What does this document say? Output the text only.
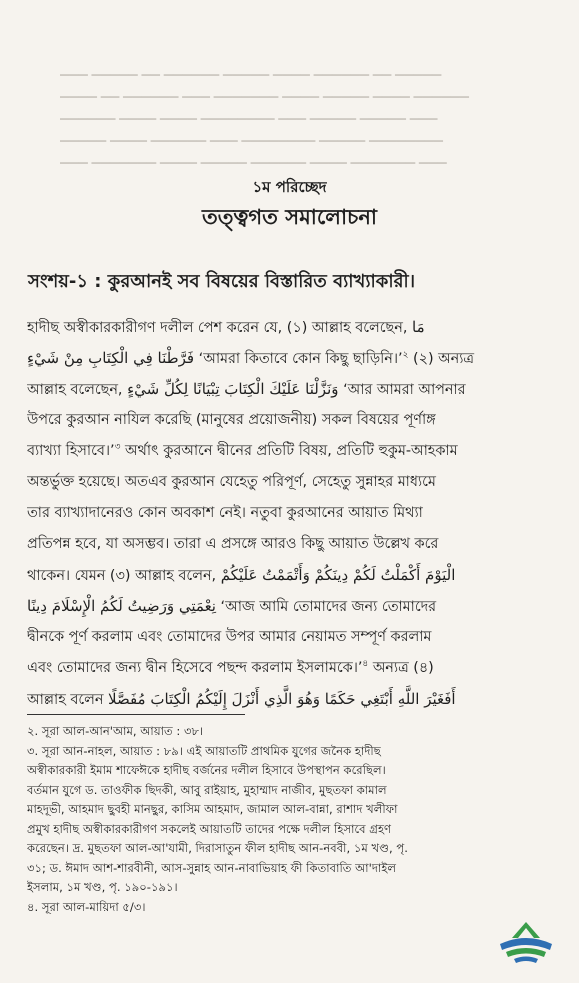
▁▁▁ ▁▁▁▁▁ ▁▁ ▁▁▁▁▁▁ ▁▁▁▁▁ ▁▁▁▁ ▁▁▁▁▁▁ ▁▁ ▁▁▁▁▁
▁▁▁▁ ▁▁ ▁▁▁▁▁▁ ▁▁▁ ▁▁▁▁▁▁▁ ▁▁▁▁ ▁▁▁▁▁ ▁▁▁▁ ▁▁▁▁▁▁
▁▁▁▁▁▁ ▁▁▁▁ ▁▁▁▁ ▁▁▁▁▁▁▁▁ ▁▁▁ ▁▁▁▁▁ ▁▁▁▁▁ ▁▁▁
▁▁▁▁▁ ▁▁▁▁ ▁▁▁▁▁▁ ▁▁▁ ▁▁▁▁▁▁▁▁ ▁▁▁▁▁ ▁▁▁▁▁▁▁▁
▁▁▁ ▁▁▁▁▁▁▁ ▁▁▁▁ ▁▁▁▁▁ ▁▁▁▁▁▁ ▁▁▁▁ ▁▁▁▁▁▁▁ ▁▁▁
১ম পরিচ্ছেদ
তত্ত্বগত সমালোচনা
সংশয়-১ : কুরআনই সব বিষয়ের বিস্তারিত ব্যাখ্যাকারী।
হাদীছ অস্বীকারকারীগণ দলীল পেশ করেন যে, (১) আল্লাহ বলেছেন, مَا
فَرَّطْنَا فِي الْكِتَابِ مِنْ شَيْءٍ ‘আমরা কিতাবে কোন কিছু ছাড়িনি।’$^২$ (২) অন্যত্র
আল্লাহ বলেছেন, وَنَزَّلْنَا عَلَيْكَ الْكِتَابَ تِبْيَانًا لِكُلِّ شَيْءٍ ‘আর আমরা আপনার
উপরে কুরআন নাযিল করেছি (মানুষের প্রয়োজনীয়) সকল বিষয়ের পূর্ণাঙ্গ
ব্যাখ্যা হিসাবে।’$^৩$ অর্থাৎ কুরআনে দ্বীনের প্রতিটি বিষয়, প্রতিটি হুকুম-আহকাম
অন্তর্ভুক্ত হয়েছে। অতএব কুরআন যেহেতু পরিপূর্ণ, সেহেতু সুন্নাহর মাধ্যমে
তার ব্যাখ্যাদানেরও কোন অবকাশ নেই। নতুবা কুরআনের আয়াত মিথ্যা
প্রতিপন্ন হবে, যা অসম্ভব। তারা এ প্রসঙ্গে আরও কিছু আয়াত উল্লেখ করে
থাকেন। যেমন (৩) আল্লাহ বলেন, الْيَوْمَ أَكْمَلْتُ لَكُمْ دِينَكُمْ وَأَتْمَمْتُ عَلَيْكُمْ
نِعْمَتِي وَرَضِيتُ لَكُمُ الْإِسْلَامَ دِينًا ‘আজ আমি তোমাদের জন্য তোমাদের
দ্বীনকে পূর্ণ করলাম এবং তোমাদের উপর আমার নেয়ামত সম্পূর্ণ করলাম
এবং তোমাদের জন্য দ্বীন হিসেবে পছন্দ করলাম ইসলামকে।’$^৪$ অন্যত্র (৪)
আল্লাহ বলেন أَفَغَيْرَ اللَّهِ أَبْتَغِي حَكَمًا وَهُوَ الَّذِي أَنْزَلَ إِلَيْكُمُ الْكِتَابَ مُفَصَّلًا
২. সূরা আল-আন'আম, আয়াত : ৩৮।
৩. সূরা আন-নাহল, আয়াত : ৮৯। এই আয়াতটি প্রাথমিক যুগের জনৈক হাদীছ
অস্বীকারকারী ইমাম শাফেঈকে হাদীছ বর্জনের দলীল হিসাবে উপস্থাপন করেছিল।
বর্তমান যুগে ড. তাওফীক ছিদকী, আবু রাইয়াহ, মুহাম্মাদ নাজীব, মুছতফা কামাল
মাহদূভী, আহমাদ ছুবহী মানছুর, কাসিম আহমাদ, জামাল আল-বান্না, রাশাদ খলীফা
প্রমুখ হাদীছ অস্বীকারকারীগণ সকলেই আয়াতটি তাদের পক্ষে দলীল হিসাবে গ্রহণ
করেছেন। দ্র. মুছতফা আল-আ'যামী, দিরাসাতুন ফীল হাদীছ আন-নববী, ১ম খণ্ড, পৃ.
৩১; ড. ঈমাদ আশ-শারবীনী, আস-সুন্নাহ আন-নাবাভিয়াহ ফী কিতাবাতি আ'দাইল
ইসলাম, ১ম খণ্ড, পৃ. ১৯০-১৯১।
৪. সূরা আল-মায়িদা ৫/৩।
